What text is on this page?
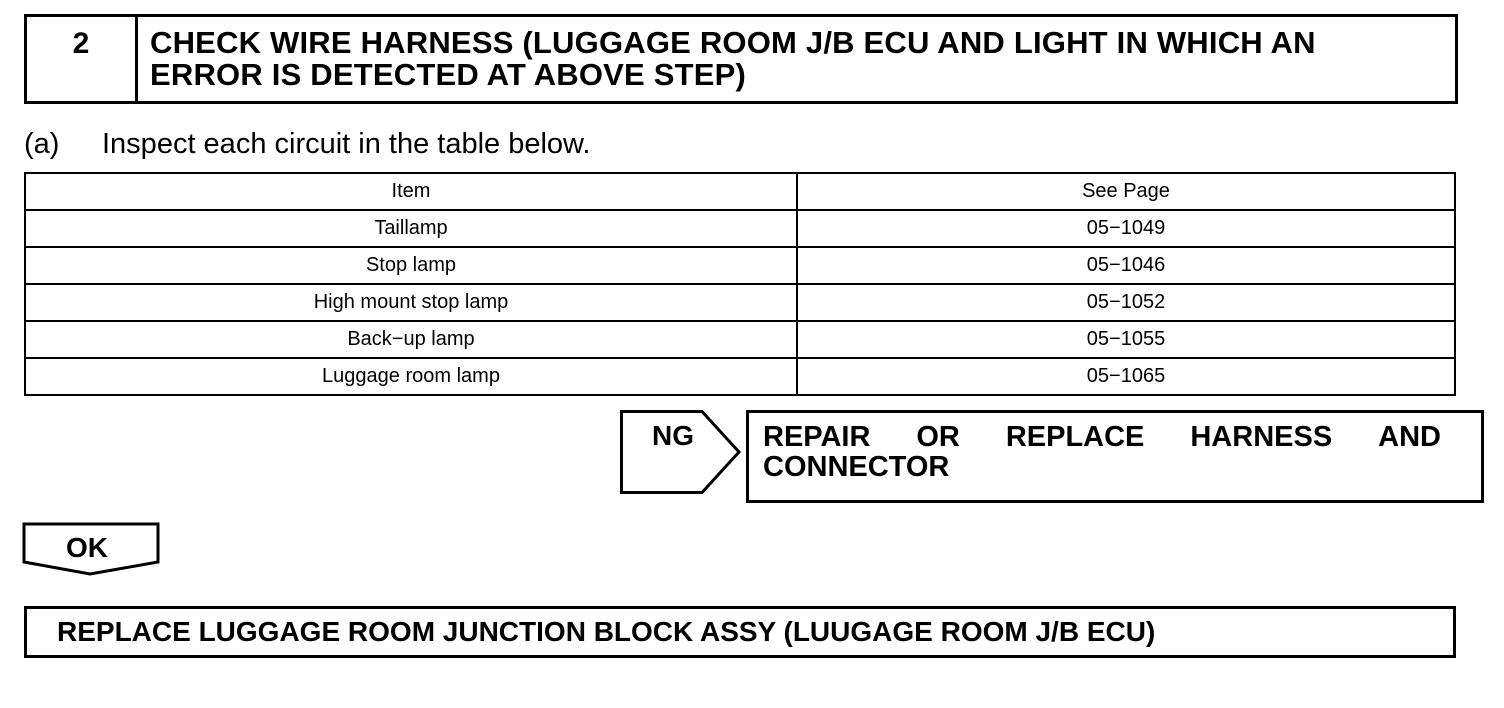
2	CHECK WIRE HARNESS (LUGGAGE ROOM J/B ECU AND LIGHT IN WHICH AN
ERROR IS DETECTED AT ABOVE STEP)
(a)	Inspect each circuit in the table below.
Item	See Page
Taillamp	05−1049
Stop lamp	05−1046
High mount stop lamp	05−1052
Back−up lamp	05−1055
Luggage room lamp	05−1065
NG REPAIR OR REPLACE HARNESS AND
CONNECTOR
OK
REPLACE LUGGAGE ROOM JUNCTION BLOCK ASSY (LUUGAGE ROOM J/B ECU)
